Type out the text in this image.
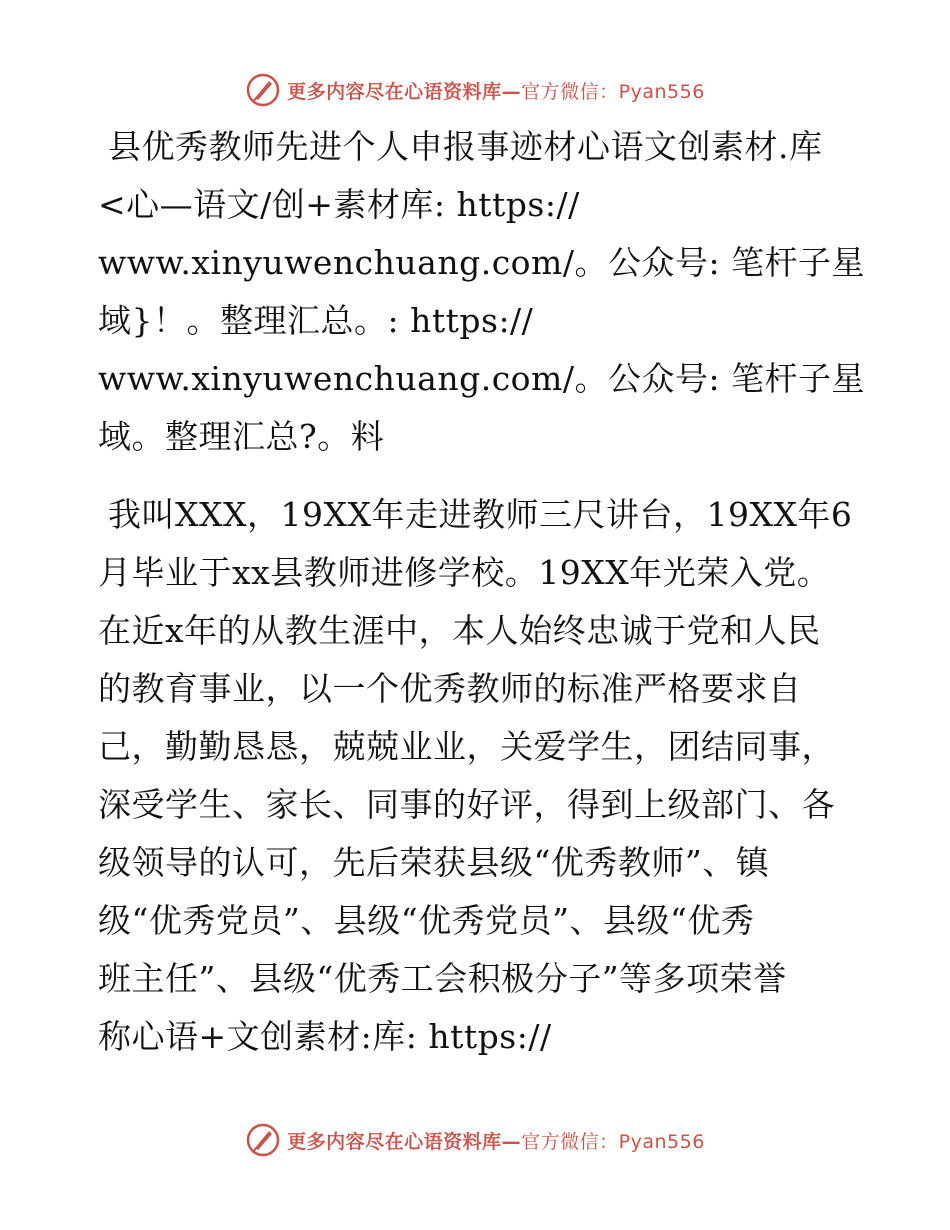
更多内容尽在心语资料库—官方微信：Pyan556
县优秀教师先进个人申报事迹材心语文创素材.库
<心—语文/创+素材库: https://
www.xinyuwenchuang.com/。公众号: 笔杆子星
域}！。整理汇总。: https://
www.xinyuwenchuang.com/。公众号: 笔杆子星
域。整理汇总?。料
我叫XXX，19XX年走进教师三尺讲台，19XX年6
月毕业于xx县教师进修学校。19XX年光荣入党。
在近x年的从教生涯中，本人始终忠诚于党和人民
的教育事业，以一个优秀教师的标准严格要求自
己，勤勤恳恳，兢兢业业，关爱学生，团结同事，
深受学生、家长、同事的好评，得到上级部门、各
级领导的认可，先后荣获县级“优秀教师”、镇
级“优秀党员”、县级“优秀党员”、县级“优秀
班主任”、县级“优秀工会积极分子”等多项荣誉
称心语+文创素材:库: https://
更多内容尽在心语资料库—官方微信：Pyan556
